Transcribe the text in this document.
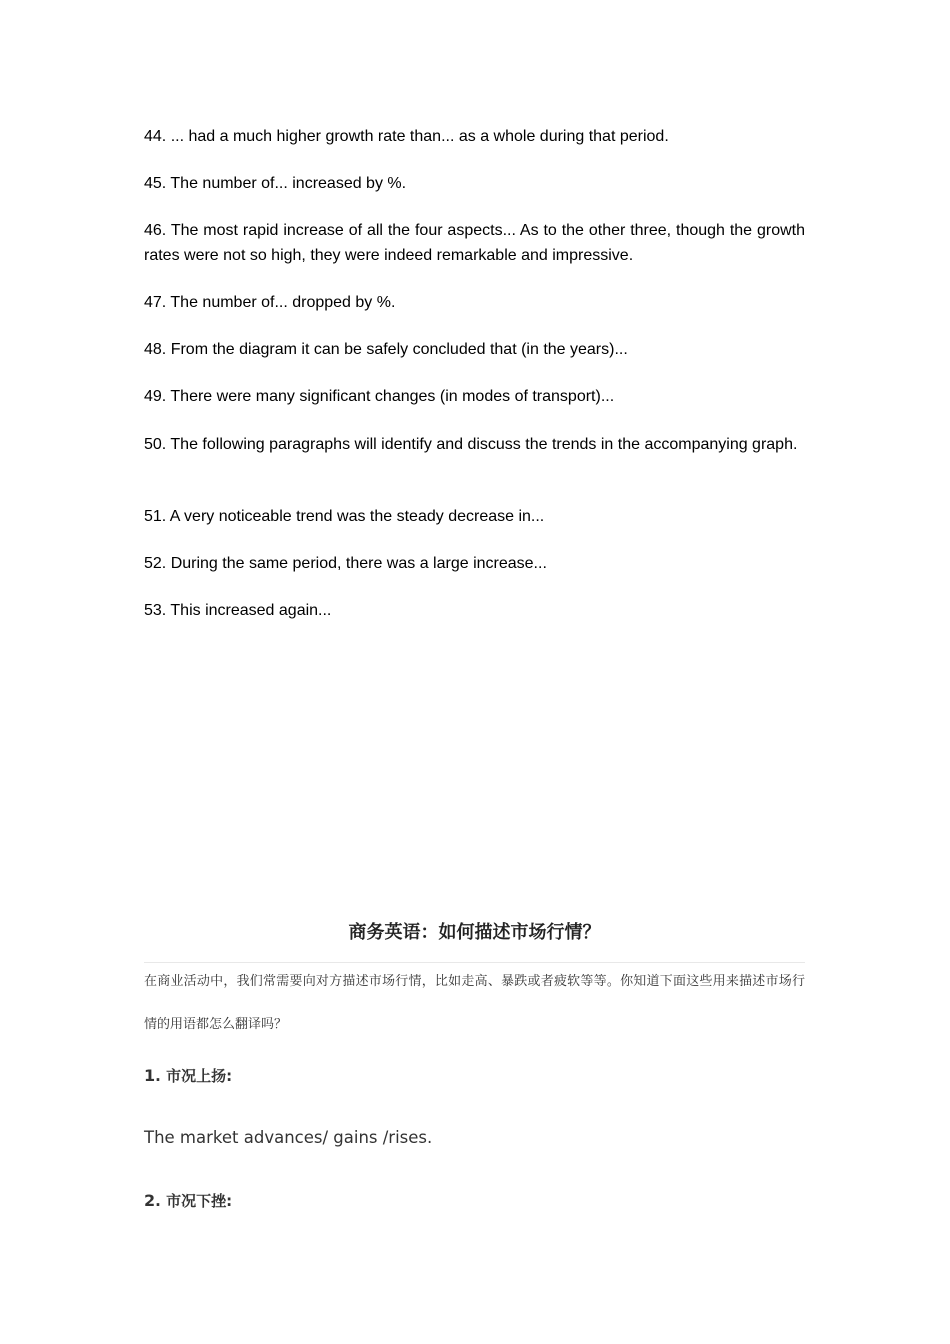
44. ... had a much higher growth rate than... as a whole during that period.

45. The number of... increased by %.

46. The most rapid increase of all the four aspects... As to the other three, though the growth rates were not so high, they were indeed remarkable and impressive.

47. The number of... dropped by %.

48. From the diagram it can be safely concluded that (in the years)...

49. There were many significant changes (in modes of transport)...

50. The following paragraphs will identify and discuss the trends in the accompanying graph.

51. A very noticeable trend was the steady decrease in...

52. During the same period, there was a large increase...

53. This increased again...

商务英语：如何描述市场行情？

在商业活动中，我们常需要向对方描述市场行情，比如走高、暴跌或者疲软等等。你知道下面这些用来描述市场行情的用语都怎么翻译吗？

1. 市况上扬:

The market advances/ gains /rises.

2. 市况下挫:
